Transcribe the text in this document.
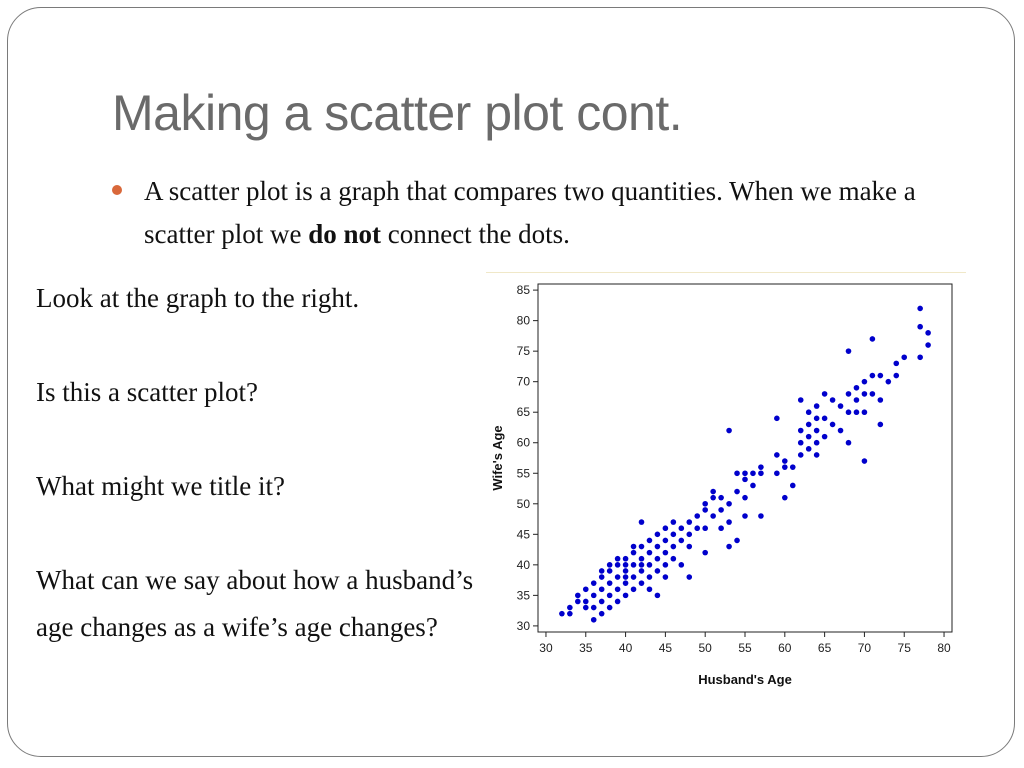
Making a scatter plot cont.
A scatter plot is a graph that compares two quantities. When we make a scatter plot we do not connect the dots.

Look at the graph to the right.

Is this a scatter plot?

What might we title it?

What can we say about how a husband’s age changes as a wife’s age changes?

30 35 40 45 50 55 60 65 70 75 80
30
35
40
45
50
55
60
65
70
75
80
85
Husband's Age
Wife's Age
